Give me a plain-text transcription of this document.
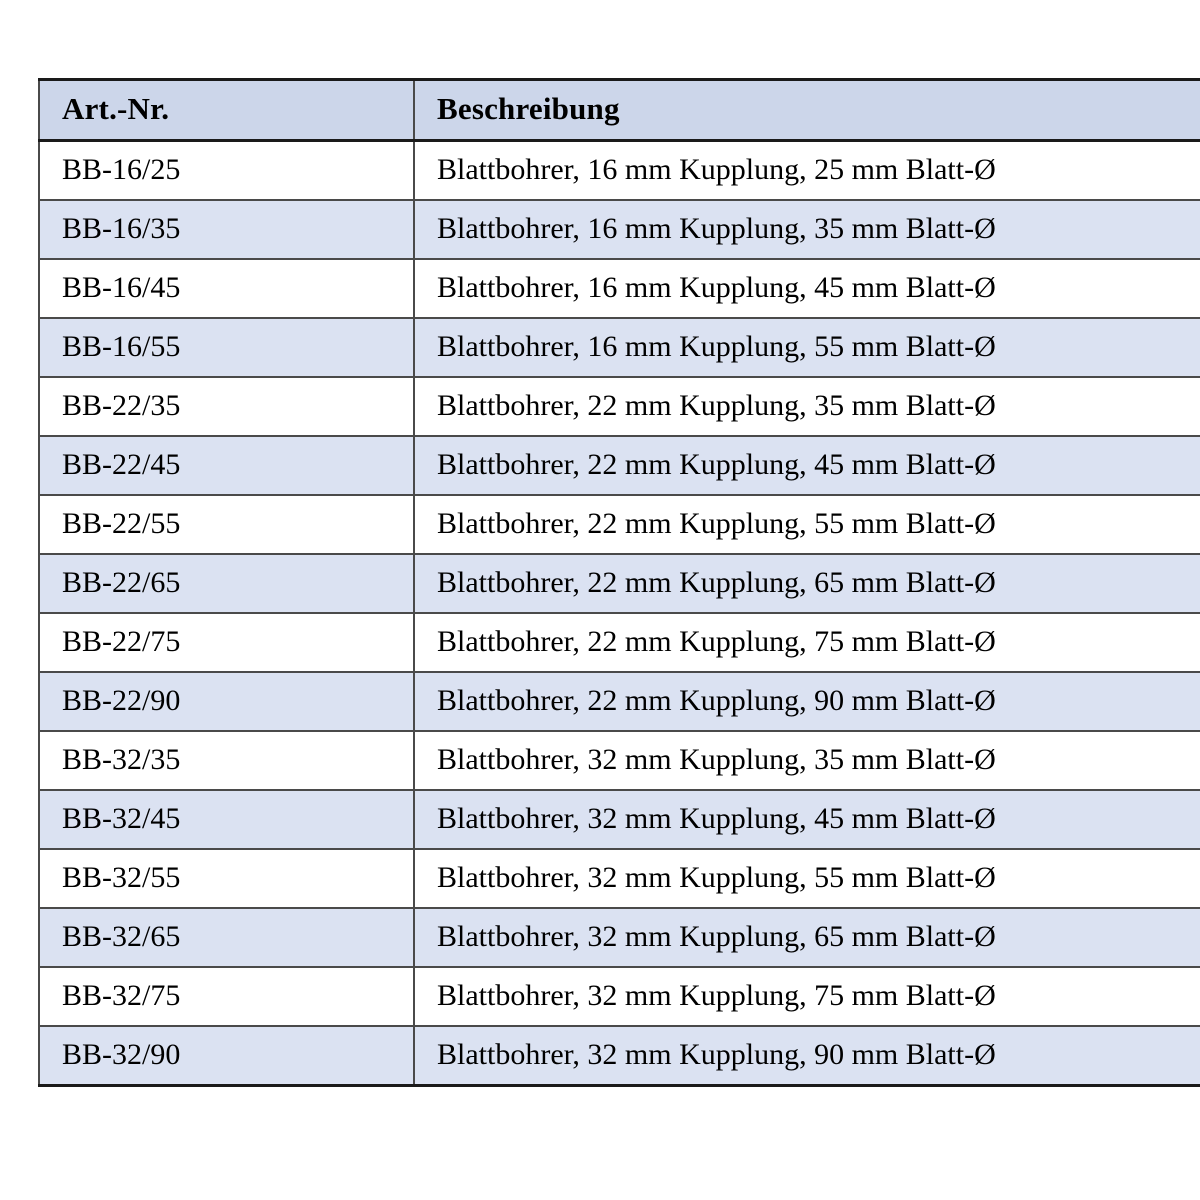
Art.-Nr.	Beschreibung
BB-16/25	Blattbohrer, 16 mm Kupplung, 25 mm Blatt-Ø
BB-16/35	Blattbohrer, 16 mm Kupplung, 35 mm Blatt-Ø
BB-16/45	Blattbohrer, 16 mm Kupplung, 45 mm Blatt-Ø
BB-16/55	Blattbohrer, 16 mm Kupplung, 55 mm Blatt-Ø
BB-22/35	Blattbohrer, 22 mm Kupplung, 35 mm Blatt-Ø
BB-22/45	Blattbohrer, 22 mm Kupplung, 45 mm Blatt-Ø
BB-22/55	Blattbohrer, 22 mm Kupplung, 55 mm Blatt-Ø
BB-22/65	Blattbohrer, 22 mm Kupplung, 65 mm Blatt-Ø
BB-22/75	Blattbohrer, 22 mm Kupplung, 75 mm Blatt-Ø
BB-22/90	Blattbohrer, 22 mm Kupplung, 90 mm Blatt-Ø
BB-32/35	Blattbohrer, 32 mm Kupplung, 35 mm Blatt-Ø
BB-32/45	Blattbohrer, 32 mm Kupplung, 45 mm Blatt-Ø
BB-32/55	Blattbohrer, 32 mm Kupplung, 55 mm Blatt-Ø
BB-32/65	Blattbohrer, 32 mm Kupplung, 65 mm Blatt-Ø
BB-32/75	Blattbohrer, 32 mm Kupplung, 75 mm Blatt-Ø
BB-32/90	Blattbohrer, 32 mm Kupplung, 90 mm Blatt-Ø
